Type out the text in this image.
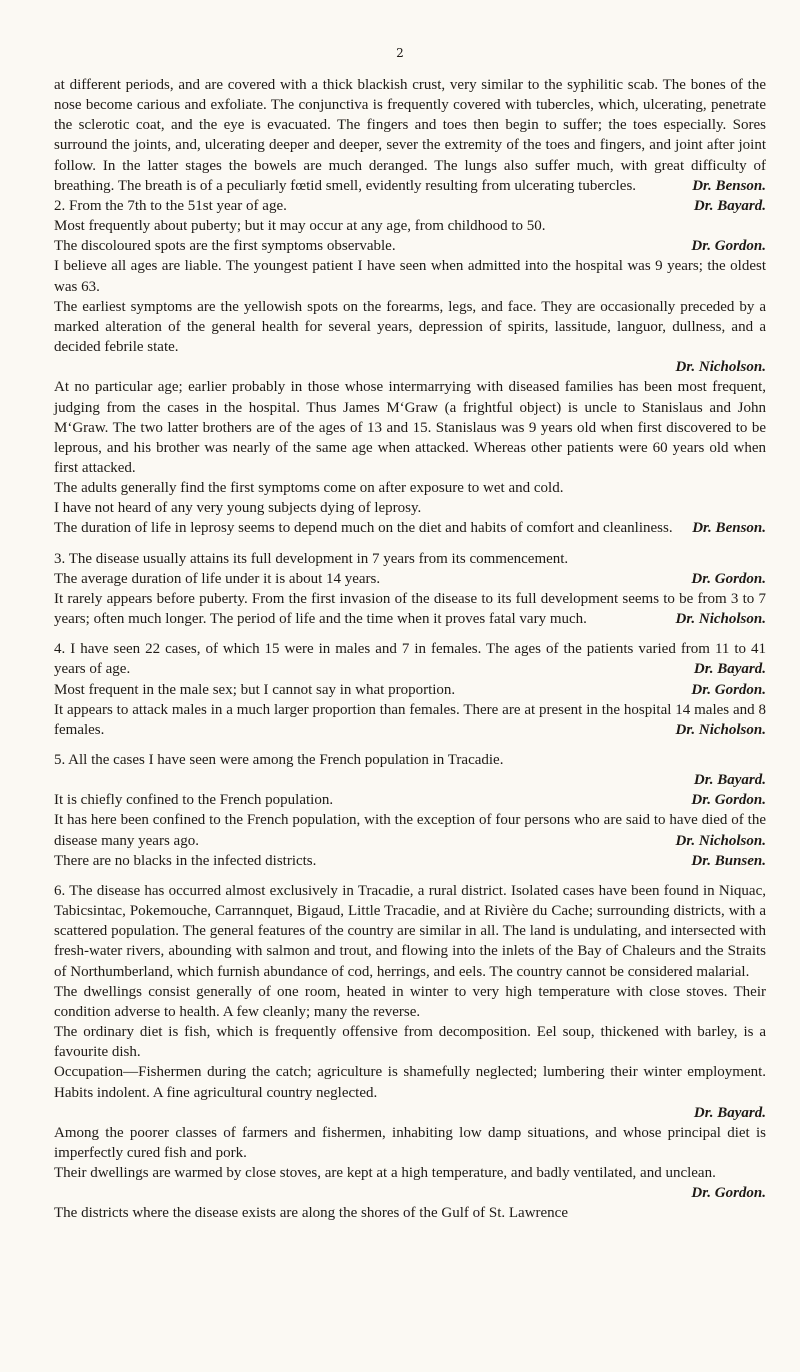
2

at different periods, and are covered with a thick blackish crust, very similar to the syphilitic scab. The bones of the nose become carious and exfoliate. The conjunctiva is frequently covered with tubercles, which, ulcerating, penetrate the sclerotic coat, and the eye is evacuated. The fingers and toes then begin to suffer; the toes especially. Sores surround the joints, and, ulcerating deeper and deeper, sever the extremity of the toes and fingers, and joint after joint follow. In the latter stages the bowels are much deranged. The lungs also suffer much, with great difficulty of breathing. The breath is of a peculiarly fœtid smell, evidently resulting from ulcerating tubercles.	Dr. Benson.

2. From the 7th to the 51st year of age.	Dr. Bayard.

Most frequently about puberty; but it may occur at any age, from childhood to 50.

The discoloured spots are the first symptoms observable.	Dr. Gordon.

I believe all ages are liable. The youngest patient I have seen when admitted into the hospital was 9 years; the oldest was 63.

The earliest symptoms are the yellowish spots on the forearms, legs, and face. They are occasionally preceded by a marked alteration of the general health for several years, depression of spirits, lassitude, languor, dullness, and a decided febrile state.

Dr. Nicholson.

At no particular age; earlier probably in those whose intermarrying with diseased families has been most frequent, judging from the cases in the hospital. Thus James M‘Graw (a frightful object) is uncle to Stanislaus and John M‘Graw. The two latter brothers are of the ages of 13 and 15. Stanislaus was 9 years old when first discovered to be leprous, and his brother was nearly of the same age when attacked. Whereas other patients were 60 years old when first attacked.

The adults generally find the first symptoms come on after exposure to wet and cold.

I have not heard of any very young subjects dying of leprosy.

The duration of life in leprosy seems to depend much on the diet and habits of comfort and cleanliness. Dr. Benson.

3. The disease usually attains its full development in 7 years from its commencement.

The average duration of life under it is about 14 years.	Dr. Gordon.

It rarely appears before puberty. From the first invasion of the disease to its full development seems to be from 3 to 7 years; often much longer. The period of life and the time when it proves fatal vary much.	Dr. Nicholson.

4. I have seen 22 cases, of which 15 were in males and 7 in females. The ages of the patients varied from 11 to 41 years of age.	Dr. Bayard.

Most frequent in the male sex; but I cannot say in what proportion.	Dr. Gordon.

It appears to attack males in a much larger proportion than females. There are at present in the hospital 14 males and 8 females.	Dr. Nicholson.

5. All the cases I have seen were among the French population in Tracadie.

Dr. Bayard.

It is chiefly confined to the French population.	Dr. Gordon.

It has here been confined to the French population, with the exception of four persons who are said to have died of the disease many years ago.	Dr. Nicholson.

There are no blacks in the infected districts.	Dr. Bunsen.

6. The disease has occurred almost exclusively in Tracadie, a rural district. Isolated cases have been found in Niquac, Tabicsintac, Pokemouche, Carrannquet, Bigaud, Little Tracadie, and at Rivière du Cache; surrounding districts, with a scattered population. The general features of the country are similar in all. The land is undulating, and intersected with fresh-water rivers, abounding with salmon and trout, and flowing into the inlets of the Bay of Chaleurs and the Straits of Northumberland, which furnish abundance of cod, herrings, and eels. The country cannot be considered malarial.

The dwellings consist generally of one room, heated in winter to very high temperature with close stoves. Their condition adverse to health. A few cleanly; many the reverse.

The ordinary diet is fish, which is frequently offensive from decomposition. Eel soup, thickened with barley, is a favourite dish.

Occupation—Fishermen during the catch; agriculture is shamefully neglected; lumbering their winter employment. Habits indolent. A fine agricultural country neglected.

Dr. Bayard.

Among the poorer classes of farmers and fishermen, inhabiting low damp situations, and whose principal diet is imperfectly cured fish and pork.

Their dwellings are warmed by close stoves, are kept at a high temperature, and badly ventilated, and unclean.
Dr. Gordon.

The districts where the disease exists are along the shores of the Gulf of St. Lawrence
